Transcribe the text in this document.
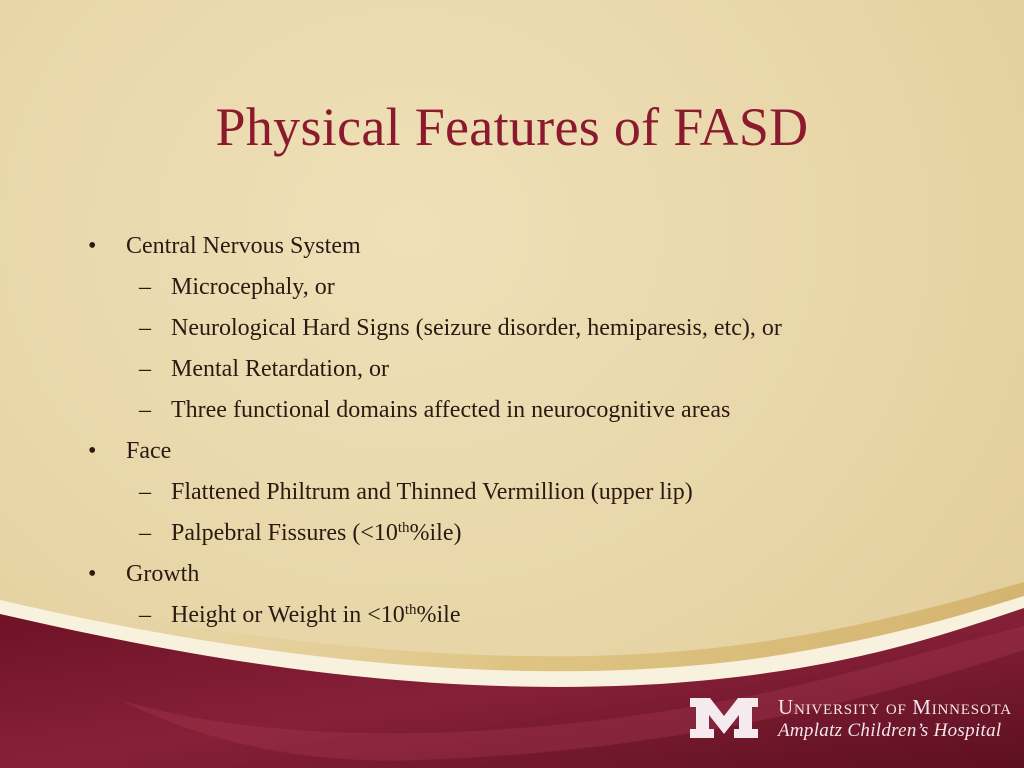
Physical Features of FASD
• Central Nervous System
– Microcephaly, or
– Neurological Hard Signs (seizure disorder, hemiparesis, etc), or
– Mental Retardation, or
– Three functional domains affected in neurocognitive areas
• Face
– Flattened Philtrum and Thinned Vermillion (upper lip)
– Palpebral Fissures (<10th%ile)
• Growth
– Height or Weight in <10th%ile
UNIVERSITY OF MINNESOTA
Amplatz Children’s Hospital
